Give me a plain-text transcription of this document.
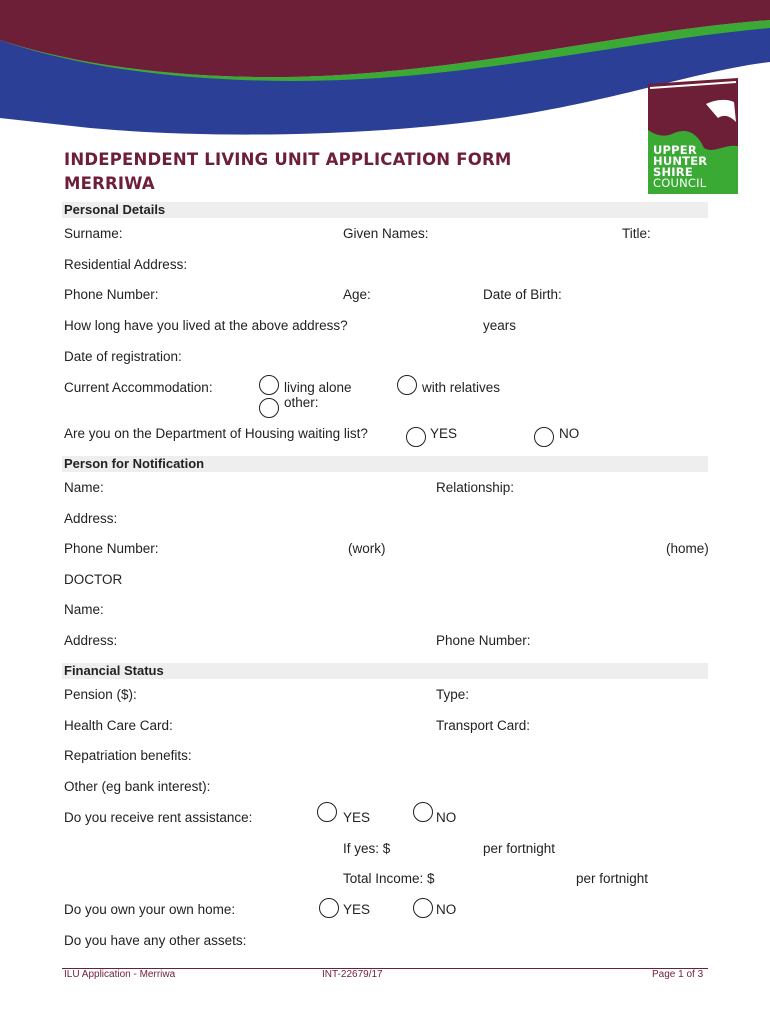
INDEPENDENT LIVING UNIT APPLICATION FORM
MERRIWA
UPPER
HUNTER
SHIRE
COUNCIL
Personal Details
Surname:	Given Names:	Title:
Residential Address:
Phone Number:	Age:	Date of Birth:
How long have you lived at the above address?	years
Date of registration:
Current Accommodation:	living alone	with relatives
other:
Are you on the Department of Housing waiting list?	YES	NO
Person for Notification
Name:	Relationship:
Address:
Phone Number:	(work)	(home)
DOCTOR
Name:
Address:	Phone Number:
Financial Status
Pension ($):	Type:
Health Care Card:	Transport Card:
Repatriation benefits:
Other (eg bank interest):
Do you receive rent assistance:	YES	NO
If yes: $	per fortnight
Total Income: $	per fortnight
Do you own your own home:	YES	NO
Do you have any other assets:
ILU Application - Merriwa	INT-22679/17	Page 1 of 3
